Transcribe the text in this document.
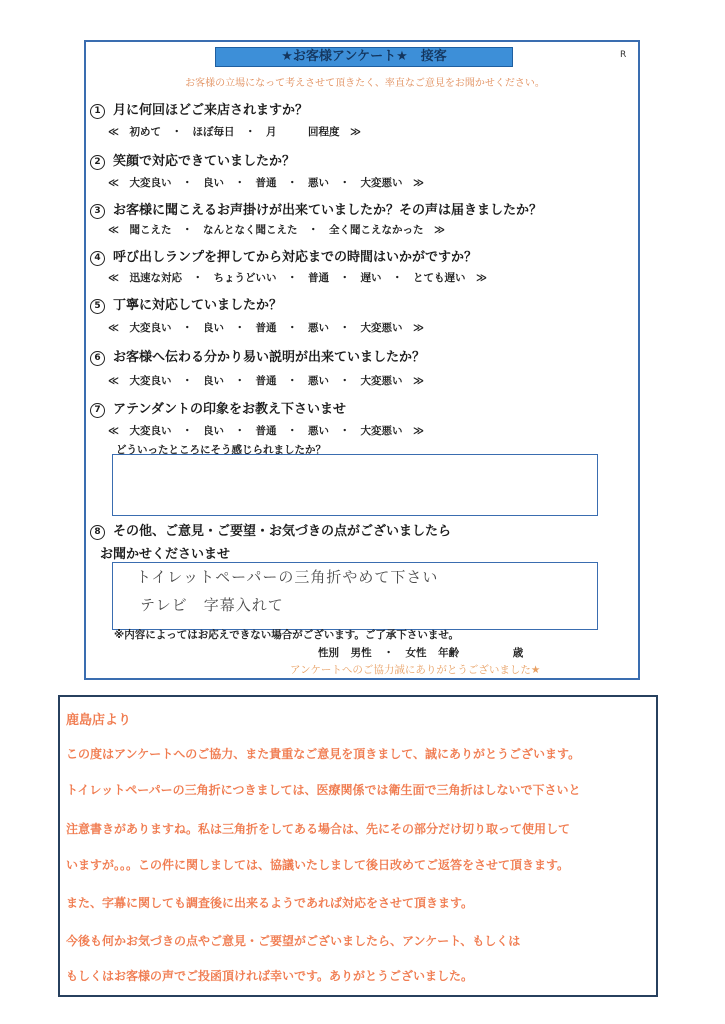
★お客様アンケート★　接客	R
お客様の立場になって考えさせて頂きたく、率直なご意見をお聞かせください。
1 月に何回ほどご来店されますか？
≪　初めて　・　ほぼ毎日　・　月　　　回程度　≫
2 笑顔で対応できていましたか？
≪　大変良い　・　良い　・　普通　・　悪い　・　大変悪い　≫
3 お客様に聞こえるお声掛けが出来ていましたか？その声は届きましたか？
≪　聞こえた　・　なんとなく聞こえた　・　全く聞こえなかった　≫
4 呼び出しランプを押してから対応までの時間はいかがですか？
≪　迅速な対応　・　ちょうどいい　・　普通　・　遅い　・　とても遅い　≫
5 丁寧に対応していましたか？
≪　大変良い　・　良い　・　普通　・　悪い　・　大変悪い　≫
6 お客様へ伝わる分かり易い説明が出来ていましたか？
≪　大変良い　・　良い　・　普通　・　悪い　・　大変悪い　≫
7 アテンダントの印象をお教え下さいませ
≪　大変良い　・　良い　・　普通　・　悪い　・　大変悪い　≫
どういったところにそう感じられましたか？
8 その他、ご意見・ご要望・お気づきの点がございましたら
お聞かせくださいませ
トイレットペーパーの三角折やめて下さい
テレビ　字幕入れて
※内容によってはお応えできない場合がございます。ご了承下さいませ。
性別 男性 ・ 女性 年齢	歳
アンケートへのご協力誠にありがとうございました★
鹿島店より
この度はアンケートへのご協力、また貴重なご意見を頂きまして、誠にありがとうございます。
トイレットペーパーの三角折につきましては、医療関係では衛生面で三角折はしないで下さいと
注意書きがありますね。私は三角折をしてある場合は、先にその部分だけ切り取って使用して
いますが。。。この件に関しましては、協議いたしまして後日改めてご返答をさせて頂きます。
また、字幕に関しても調査後に出来るようであれば対応をさせて頂きます。
今後も何かお気づきの点やご意見・ご要望がございましたら、アンケート、もしくは
もしくはお客様の声でご投函頂ければ幸いです。ありがとうございました。
